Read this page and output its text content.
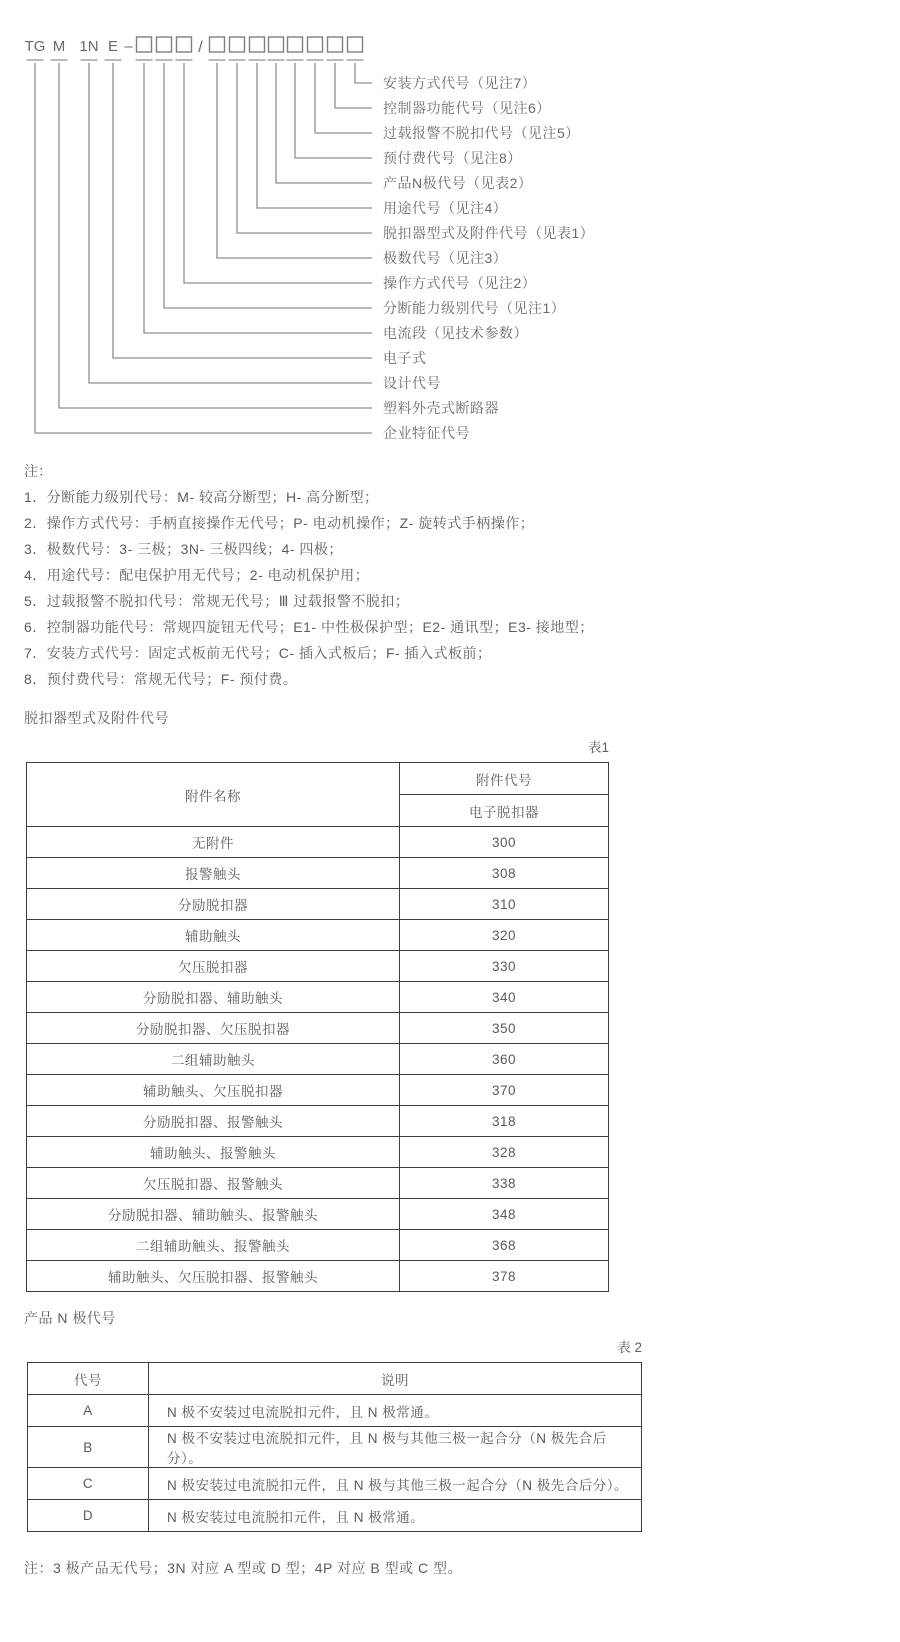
TG M 1N E –	/
安装方式代号（见注7）
控制器功能代号（见注6）
过载报警不脱扣代号（见注5）
预付费代号（见注8）
产品N极代号（见表2）
用途代号（见注4）
脱扣器型式及附件代号（见表1）
极数代号（见注3）
操作方式代号（见注2）
分断能力级别代号（见注1）
电流段（见技术参数）
电子式
设计代号
塑料外壳式断路器
企业特征代号
注：
1．分断能力级别代号：M- 较高分断型；H- 高分断型；
2．操作方式代号：手柄直接操作无代号；P- 电动机操作；Z- 旋转式手柄操作；
3．极数代号：3- 三极；3N- 三极四线；4- 四极；
4．用途代号：配电保护用无代号；2- 电动机保护用；
5．过载报警不脱扣代号：常规无代号；Ⅲ 过载报警不脱扣；
6．控制器功能代号：常规四旋钮无代号；E1- 中性极保护型；E2- 通讯型；E3- 接地型；
7．安装方式代号：固定式板前无代号；C- 插入式板后；F- 插入式板前；
8．预付费代号：常规无代号；F- 预付费。
脱扣器型式及附件代号
表1
附件名称	附件代号
	电子脱扣器
无附件	300
报警触头	308
分励脱扣器	310
辅助触头	320
欠压脱扣器	330
分励脱扣器、辅助触头	340
分励脱扣器、欠压脱扣器	350
二组辅助触头	360
辅助触头、欠压脱扣器	370
分励脱扣器、报警触头	318
辅助触头、报警触头	328
欠压脱扣器、报警触头	338
分励脱扣器、辅助触头、报警触头	348
二组辅助触头、报警触头	368
辅助触头、欠压脱扣器、报警触头	378
产品 N 极代号
表 2
代号	说明
A	N 极不安装过电流脱扣元件，且 N 极常通。
B	N 极不安装过电流脱扣元件，且 N 极与其他三极一起合分（N 极先合后分）。
C	N 极安装过电流脱扣元件，且 N 极与其他三极一起合分（N 极先合后分）。
D	N 极安装过电流脱扣元件，且 N 极常通。
注：3 极产品无代号；3N 对应 A 型或 D 型；4P 对应 B 型或 C 型。
